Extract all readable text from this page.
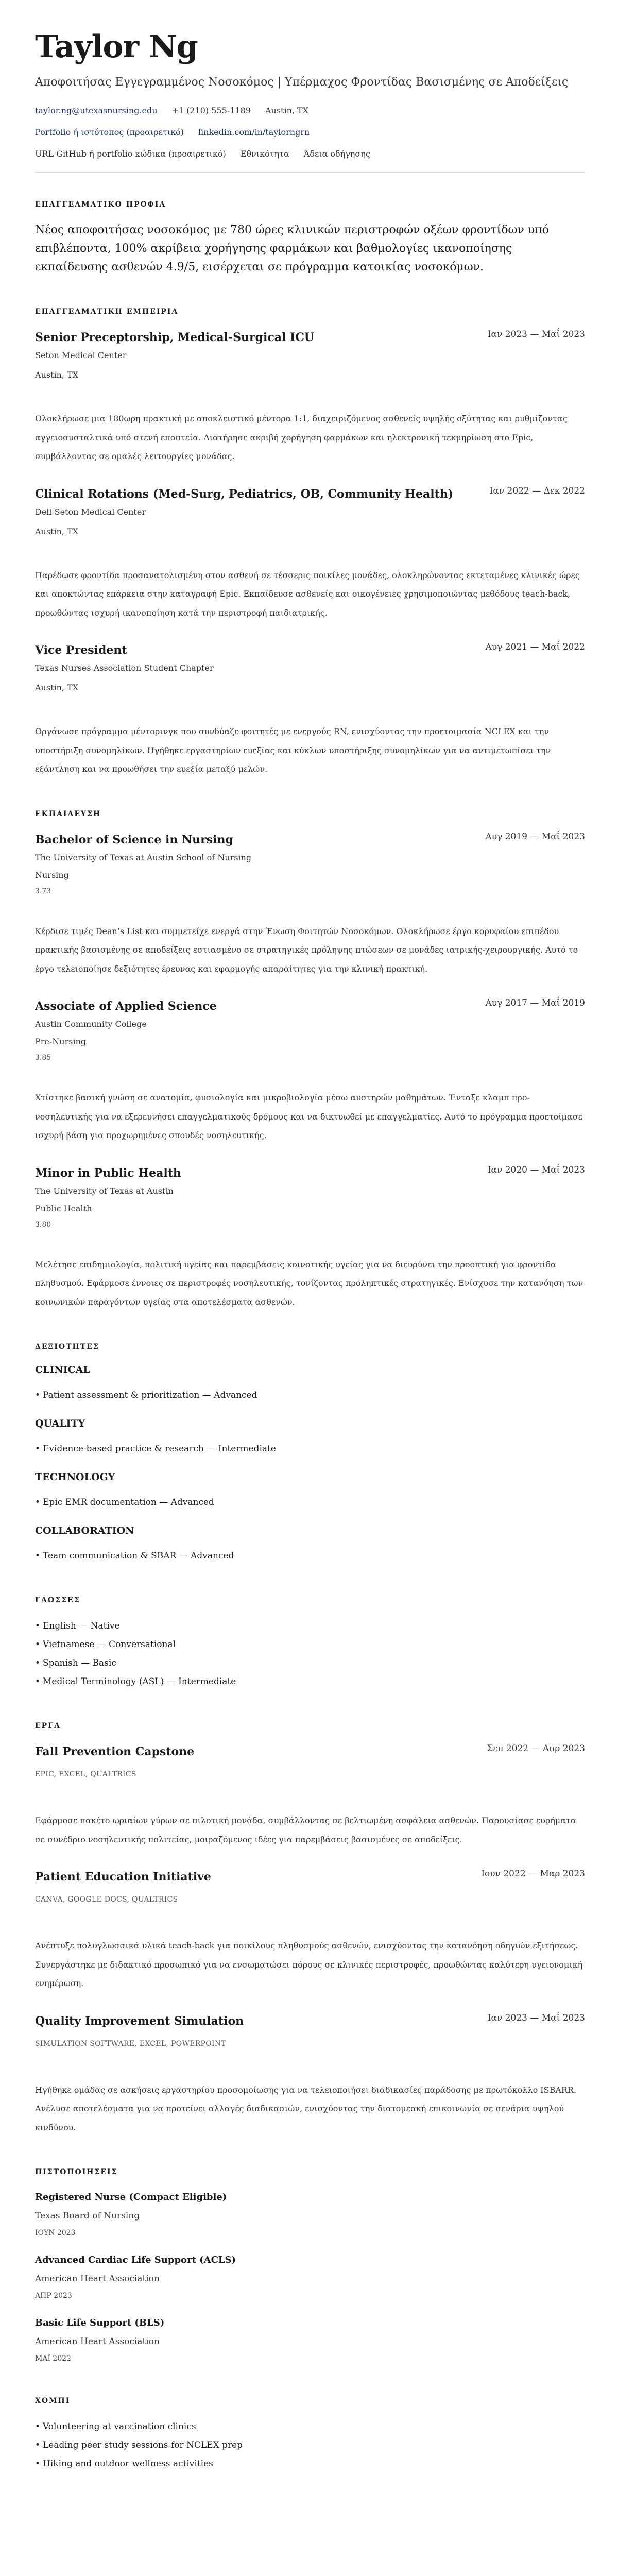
Taylor Ng
Αποφοιτήσας Εγγεγραμμένος Νοσοκόμος | Υπέρμαχος Φροντίδας Βασισμένης σε Αποδείξεις
taylor.ng@utexasnursing.edu +1 (210) 555-1189 Austin, TX
Portfolio ή ιστότοπος (προαιρετικό) linkedin.com/in/taylorngrn
URL GitHub ή portfolio κώδικα (προαιρετικό) Εθνικότητα Άδεια οδήγησης
ΕΠΑΓΓΕΛΜΑΤΙΚΟ ΠΡΟΦΙΛ
Νέος αποφοιτήσας νοσοκόμος με 780 ώρες κλινικών περιστροφών οξέων φροντίδων υπό επιβλέποντα, 100% ακρίβεια χορήγησης φαρμάκων και βαθμολογίες ικανοποίησης εκπαίδευσης ασθενών 4.9/5, εισέρχεται σε πρόγραμμα κατοικίας νοσοκόμων.
ΕΠΑΓΓΕΛΜΑΤΙΚΗ ΕΜΠΕΙΡΙΑ
Senior Preceptorship, Medical-Surgical ICU	Ιαν 2023 — Μαΐ 2023
Seton Medical Center
Austin, TX
Ολοκλήρωσε μια 180ωρη πρακτική με αποκλειστικό μέντορα 1:1, διαχειριζόμενος ασθενείς υψηλής οξύτητας και ρυθμίζοντας αγγειοσυσταλτικά υπό στενή εποπτεία. Διατήρησε ακριβή χορήγηση φαρμάκων και ηλεκτρονική τεκμηρίωση στο Epic, συμβάλλοντας σε ομαλές λειτουργίες μονάδας.
Clinical Rotations (Med-Surg, Pediatrics, OB, Community Health)	Ιαν 2022 — Δεκ 2022
Dell Seton Medical Center
Austin, TX
Παρέδωσε φροντίδα προσανατολισμένη στον ασθενή σε τέσσερις ποικίλες μονάδες, ολοκληρώνοντας εκτεταμένες κλινικές ώρες και αποκτώντας επάρκεια στην καταγραφή Epic. Εκπαίδευσε ασθενείς και οικογένειες χρησιμοποιώντας μεθόδους teach-back, προωθώντας ισχυρή ικανοποίηση κατά την περιστροφή παιδιατρικής.
Vice President	Αυγ 2021 — Μαΐ 2022
Texas Nurses Association Student Chapter
Austin, TX
Οργάνωσε πρόγραμμα μέντορινγκ που συνδύαζε φοιτητές με ενεργούς RN, ενισχύοντας την προετοιμασία NCLEX και την υποστήριξη συνομηλίκων. Ηγήθηκε εργαστηρίων ευεξίας και κύκλων υποστήριξης συνομηλίκων για να αντιμετωπίσει την εξάντληση και να προωθήσει την ευεξία μεταξύ μελών.
ΕΚΠΑΙΔΕΥΣΗ
Bachelor of Science in Nursing	Αυγ 2019 — Μαΐ 2023
The University of Texas at Austin School of Nursing
Nursing
3.73
Κέρδισε τιμές Dean’s List και συμμετείχε ενεργά στην Ένωση Φοιτητών Νοσοκόμων. Ολοκλήρωσε έργο κορυφαίου επιπέδου πρακτικής βασισμένης σε αποδείξεις εστιασμένο σε στρατηγικές πρόληψης πτώσεων σε μονάδες ιατρικής-χειρουργικής. Αυτό το έργο τελειοποίησε δεξιότητες έρευνας και εφαρμογής απαραίτητες για την κλινική πρακτική.
Associate of Applied Science	Αυγ 2017 — Μαΐ 2019
Austin Community College
Pre-Nursing
3.85
Χτίστηκε βασική γνώση σε ανατομία, φυσιολογία και μικροβιολογία μέσω αυστηρών μαθημάτων. Ένταξε κλαμπ προ-νοσηλευτικής για να εξερευνήσει επαγγελματικούς δρόμους και να δικτυωθεί με επαγγελματίες. Αυτό το πρόγραμμα προετοίμασε ισχυρή βάση για προχωρημένες σπουδές νοσηλευτικής.
Minor in Public Health	Ιαν 2020 — Μαΐ 2023
The University of Texas at Austin
Public Health
3.80
Μελέτησε επιδημιολογία, πολιτική υγείας και παρεμβάσεις κοινοτικής υγείας για να διευρύνει την προοπτική για φροντίδα πληθυσμού. Εφάρμοσε έννοιες σε περιστροφές νοσηλευτικής, τονίζοντας προληπτικές στρατηγικές. Ενίσχυσε την κατανόηση των κοινωνικών παραγόντων υγείας στα αποτελέσματα ασθενών.
ΔΕΞΙΟΤΗΤΕΣ
CLINICAL
• Patient assessment & prioritization — Advanced
QUALITY
• Evidence-based practice & research — Intermediate
TECHNOLOGY
• Epic EMR documentation — Advanced
COLLABORATION
• Team communication & SBAR — Advanced
ΓΛΩΣΣΕΣ
• English — Native
• Vietnamese — Conversational
• Spanish — Basic
• Medical Terminology (ASL) — Intermediate
ΕΡΓΑ
Fall Prevention Capstone	Σεπ 2022 — Απρ 2023
EPIC, EXCEL, QUALTRICS
Εφάρμοσε πακέτο ωριαίων γύρων σε πιλοτική μονάδα, συμβάλλοντας σε βελτιωμένη ασφάλεια ασθενών. Παρουσίασε ευρήματα σε συνέδριο νοσηλευτικής πολιτείας, μοιραζόμενος ιδέες για παρεμβάσεις βασισμένες σε αποδείξεις.
Patient Education Initiative	Ιουν 2022 — Μαρ 2023
CANVA, GOOGLE DOCS, QUALTRICS
Ανέπτυξε πολυγλωσσικά υλικά teach-back για ποικίλους πληθυσμούς ασθενών, ενισχύοντας την κατανόηση οδηγιών εξιτήσεως. Συνεργάστηκε με διδακτικό προσωπικό για να ενσωματώσει πόρους σε κλινικές περιστροφές, προωθώντας καλύτερη υγειονομική ενημέρωση.
Quality Improvement Simulation	Ιαν 2023 — Μαΐ 2023
SIMULATION SOFTWARE, EXCEL, POWERPOINT
Ηγήθηκε ομάδας σε ασκήσεις εργαστηρίου προσομοίωσης για να τελειοποιήσει διαδικασίες παράδοσης με πρωτόκολλο ISBARR. Ανέλυσε αποτελέσματα για να προτείνει αλλαγές διαδικασιών, ενισχύοντας την διατομεακή επικοινωνία σε σενάρια υψηλού κινδύνου.
ΠΙΣΤΟΠΟΙΗΣΕΙΣ
Registered Nurse (Compact Eligible)
Texas Board of Nursing
ΙΟΥΝ 2023
Advanced Cardiac Life Support (ACLS)
American Heart Association
ΑΠΡ 2023
Basic Life Support (BLS)
American Heart Association
ΜΑΪ 2022
ΧΟΜΠΙ
• Volunteering at vaccination clinics
• Leading peer study sessions for NCLEX prep
• Hiking and outdoor wellness activities
